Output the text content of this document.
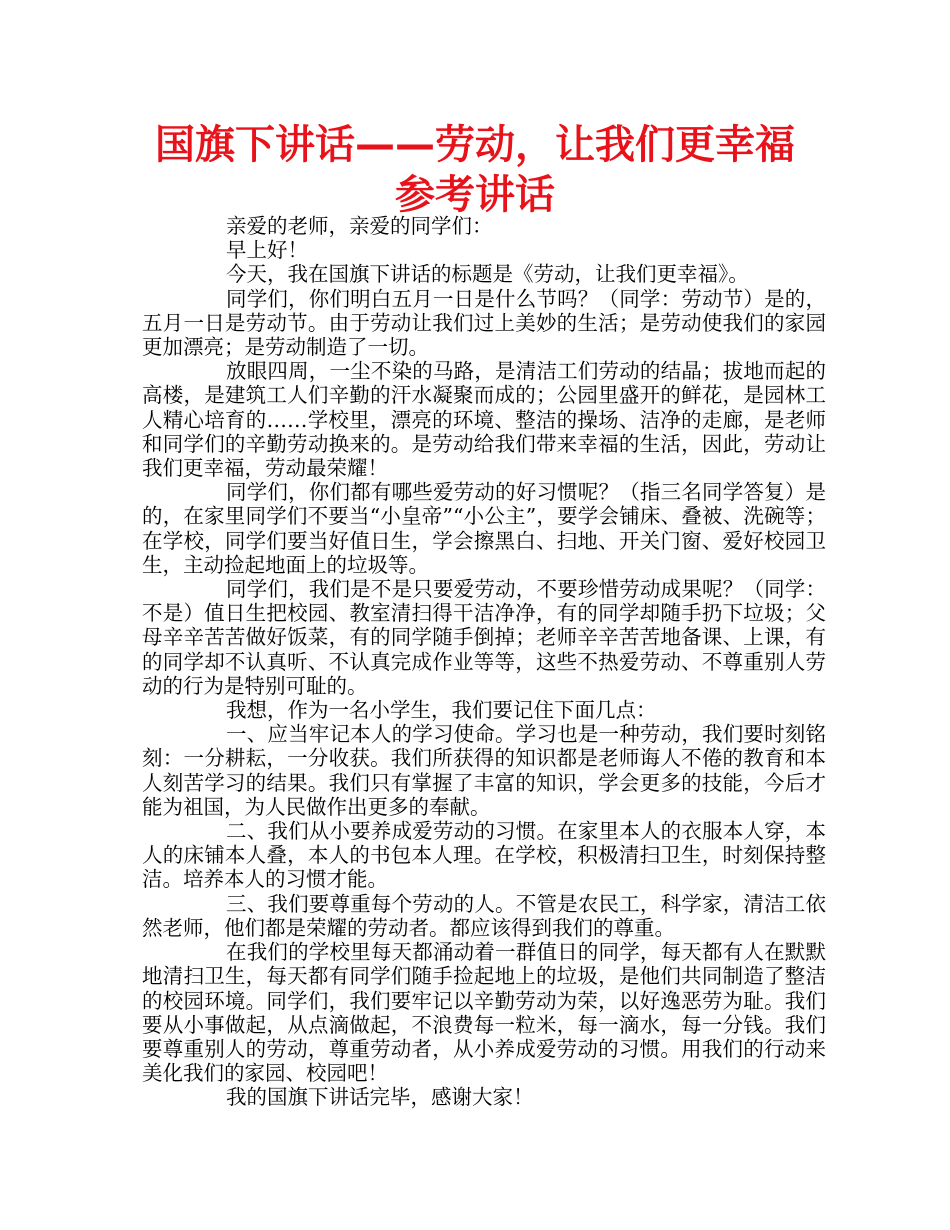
国旗下讲话——劳动，让我们更幸福参考讲话

亲爱的老师，亲爱的同学们：

早上好！

今天，我在国旗下讲话的标题是《劳动，让我们更幸福》。

同学们，你们明白五月一日是什么节吗？（同学：劳动节）是的，五月一日是劳动节。由于劳动让我们过上美妙的生活；是劳动使我们的家园更加漂亮；是劳动制造了一切。

放眼四周，一尘不染的马路，是清洁工们劳动的结晶；拔地而起的高楼，是建筑工人们辛勤的汗水凝聚而成的；公园里盛开的鲜花，是园林工人精心培育的……学校里，漂亮的环境、整洁的操场、洁净的走廊，是老师和同学们的辛勤劳动换来的。是劳动给我们带来幸福的生活，因此，劳动让我们更幸福，劳动最荣耀！

同学们，你们都有哪些爱劳动的好习惯呢？（指三名同学答复）是的，在家里同学们不要当“小皇帝”“小公主”，要学会铺床、叠被、洗碗等；在学校，同学们要当好值日生，学会擦黑白、扫地、开关门窗、爱好校园卫生，主动捡起地面上的垃圾等。

同学们，我们是不是只要爱劳动，不要珍惜劳动成果呢？（同学：不是）值日生把校园、教室清扫得干洁净净，有的同学却随手扔下垃圾；父母辛辛苦苦做好饭菜，有的同学随手倒掉；老师辛辛苦苦地备课、上课，有的同学却不认真听、不认真完成作业等等，这些不热爱劳动、不尊重别人劳动的行为是特别可耻的。

我想，作为一名小学生，我们要记住下面几点：

一、应当牢记本人的学习使命。学习也是一种劳动，我们要时刻铭刻：一分耕耘，一分收获。我们所获得的知识都是老师诲人不倦的教育和本人刻苦学习的结果。我们只有掌握了丰富的知识，学会更多的技能，今后才能为祖国，为人民做作出更多的奉献。

二、我们从小要养成爱劳动的习惯。在家里本人的衣服本人穿，本人的床铺本人叠，本人的书包本人理。在学校，积极清扫卫生，时刻保持整洁。培养本人的习惯才能。

三、我们要尊重每个劳动的人。不管是农民工，科学家，清洁工依然老师，他们都是荣耀的劳动者。都应该得到我们的尊重。

在我们的学校里每天都涌动着一群值日的同学，每天都有人在默默地清扫卫生，每天都有同学们随手捡起地上的垃圾，是他们共同制造了整洁的校园环境。同学们，我们要牢记以辛勤劳动为荣，以好逸恶劳为耻。我们要从小事做起，从点滴做起，不浪费每一粒米，每一滴水，每一分钱。我们要尊重别人的劳动，尊重劳动者，从小养成爱劳动的习惯。用我们的行动来美化我们的家园、校园吧！

我的国旗下讲话完毕，感谢大家！
